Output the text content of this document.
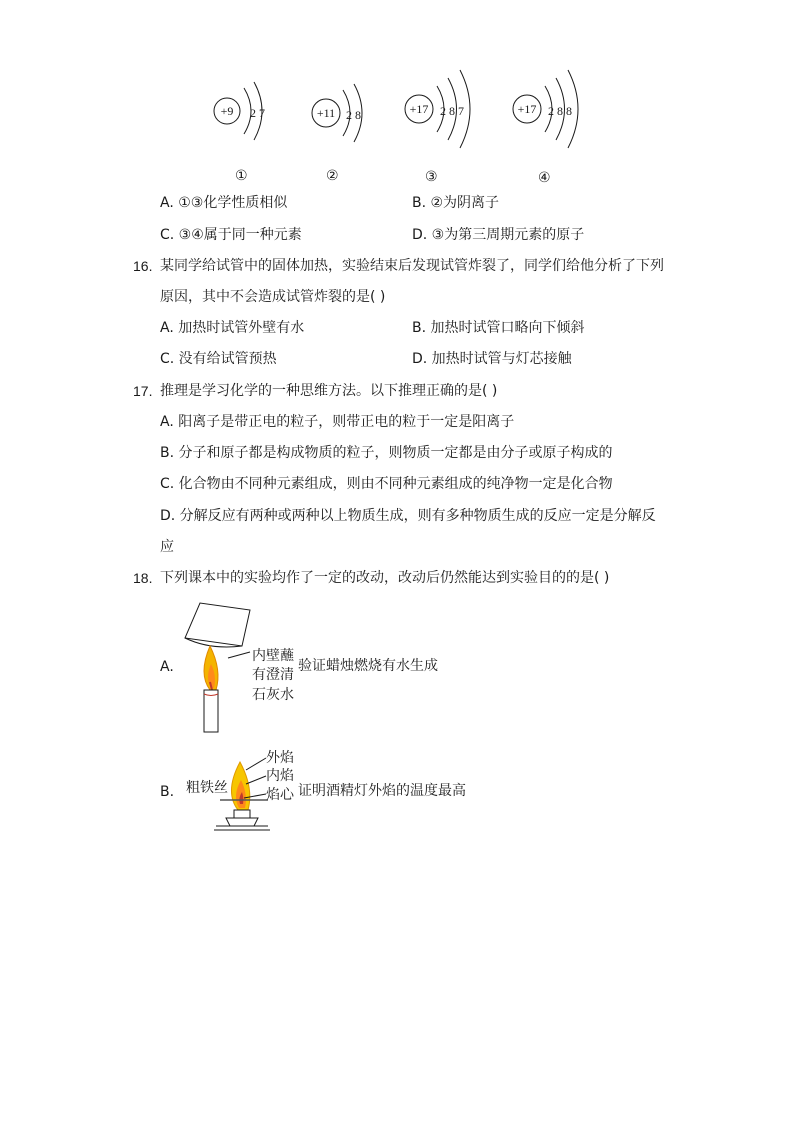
+9 2 7	+11 2 8	+17 2 8 7	+17 2 8 8
①	②	③	④
A. ①③化学性质相似	B. ②为阴离子
C. ③④属于同一种元素	D. ③为第三周期元素的原子
16. 某同学给试管中的固体加热，实验结束后发现试管炸裂了，同学们给他分析了下列
原因，其中不会造成试管炸裂的是( )
A. 加热时试管外壁有水	B. 加热时试管口略向下倾斜
C. 没有给试管预热	D. 加热时试管与灯芯接触
17. 推理是学习化学的一种思维方法。以下推理正确的是( )
A. 阳离子是带正电的粒子，则带正电的粒于一定是阳离子
B. 分子和原子都是构成物质的粒子，则物质一定都是由分子或原子构成的
C. 化合物由不同种元素组成，则由不同种元素组成的纯净物一定是化合物
D. 分解反应有两种或两种以上物质生成，则有多种物质生成的反应一定是分解反
应
18. 下列课本中的实验均作了一定的改动，改动后仍然能达到实验目的的是( )
A.
内壁蘸
有澄清
石灰水
验证蜡烛燃烧有水生成
B. 粗铁丝
外焰
内焰
焰心 证明酒精灯外焰的温度最高
